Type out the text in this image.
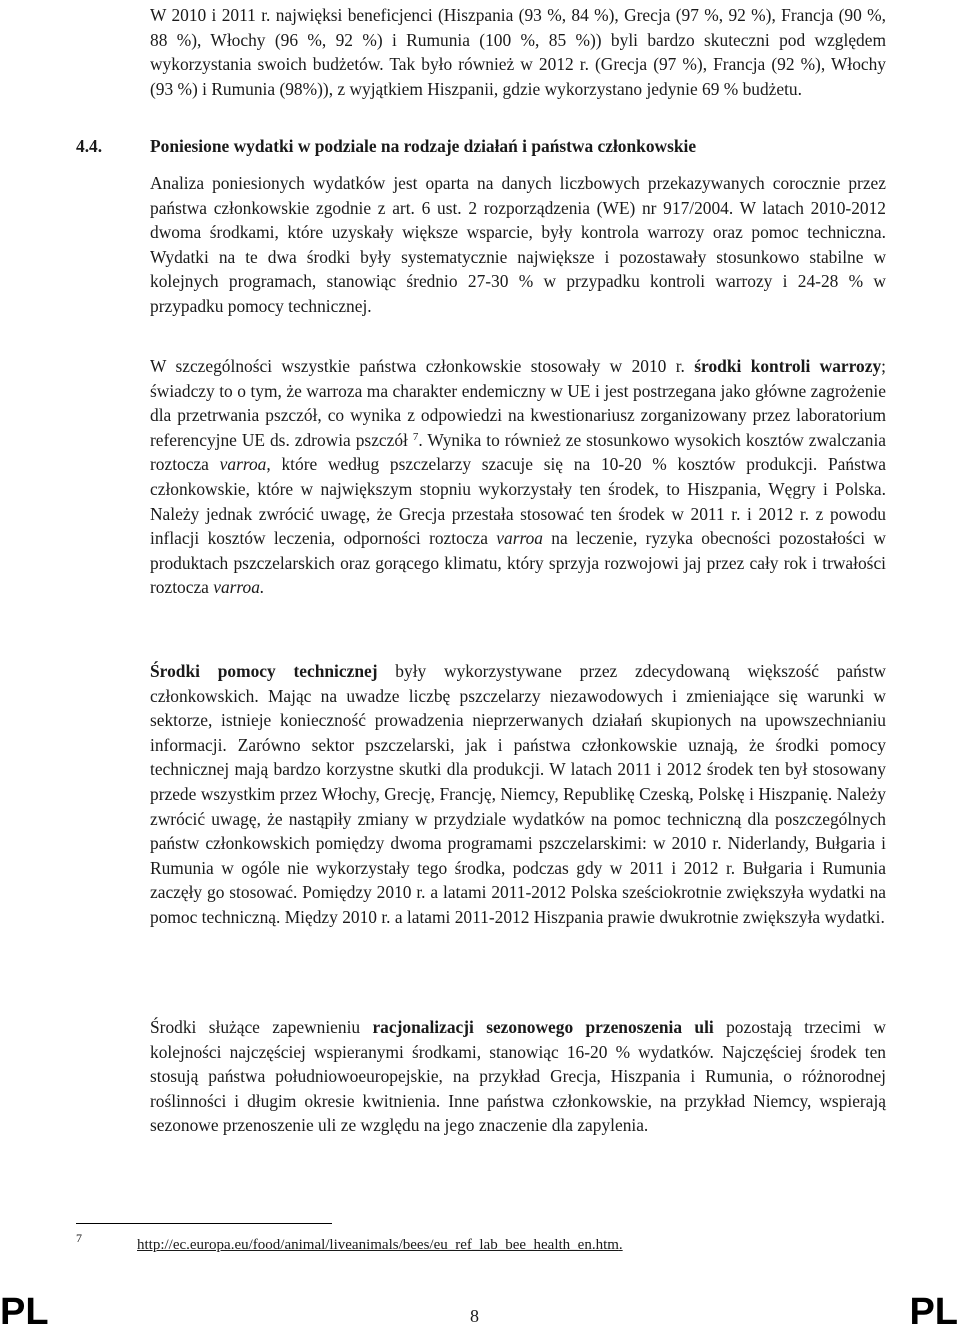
W 2010 i 2011 r. najwięksi beneficjenci (Hiszpania (93 %, 84 %), Grecja (97 %, 92 %), Francja (90 %, 88 %), Włochy (96 %, 92 %) i Rumunia (100 %, 85 %)) byli bardzo skuteczni pod względem wykorzystania swoich budżetów. Tak było również w 2012 r. (Grecja (97 %), Francja (92 %), Włochy (93 %) i Rumunia (98%)), z wyjątkiem Hiszpanii, gdzie wykorzystano jedynie 69 % budżetu.

Analiza poniesionych wydatków jest oparta na danych liczbowych przekazywanych corocznie przez państwa członkowskie zgodnie z art. 6 ust. 2 rozporządzenia (WE) nr 917/2004. W latach 2010-2012 dwoma środkami, które uzyskały większe wsparcie, były kontrola warrozy oraz pomoc techniczna. Wydatki na te dwa środki były systematycznie największe i pozostawały stosunkowo stabilne w kolejnych programach, stanowiąc średnio 27-30 % w przypadku kontroli warrozy i 24-28 % w przypadku pomocy technicznej.

W szczególności wszystkie państwa członkowskie stosowały w 2010 r. środki kontroli warrozy; świadczy to o tym, że warroza ma charakter endemiczny w UE i jest postrzegana jako główne zagrożenie dla przetrwania pszczół, co wynika z odpowiedzi na kwestionariusz zorganizowany przez laboratorium referencyjne UE ds. zdrowia pszczół $^7$. Wynika to również ze stosunkowo wysokich kosztów zwalczania roztocza varroa, które według pszczelarzy szacuje się na 10-20 % kosztów produkcji. Państwa członkowskie, które w największym stopniu wykorzystały ten środek, to Hiszpania, Węgry i Polska. Należy jednak zwrócić uwagę, że Grecja przestała stosować ten środek w 2011 r. i 2012 r. z powodu inflacji kosztów leczenia, odporności roztocza varroa na leczenie, ryzyka obecności pozostałości w produktach pszczelarskich oraz gorącego klimatu, który sprzyja rozwojowi jaj przez cały rok i trwałości roztocza varroa.

Środki pomocy technicznej były wykorzystywane przez zdecydowaną większość państw członkowskich. Mając na uwadze liczbę pszczelarzy niezawodowych i zmieniające się warunki w sektorze, istnieje konieczność prowadzenia nieprzerwanych działań skupionych na upowszechnianiu informacji. Zarówno sektor pszczelarski, jak i państwa członkowskie uznają, że środki pomocy technicznej mają bardzo korzystne skutki dla produkcji. W latach 2011 i 2012 środek ten był stosowany przede wszystkim przez Włochy, Grecję, Francję, Niemcy, Republikę Czeską, Polskę i Hiszpanię. Należy zwrócić uwagę, że nastąpiły zmiany w przydziale wydatków na pomoc techniczną dla poszczególnych państw członkowskich pomiędzy dwoma programami pszczelarskimi: w 2010 r. Niderlandy, Bułgaria i Rumunia w ogóle nie wykorzystały tego środka, podczas gdy w 2011 i 2012 r. Bułgaria i Rumunia zaczęły go stosować. Pomiędzy 2010 r. a latami 2011-2012 Polska sześciokrotnie zwiększyła wydatki na pomoc techniczną. Między 2010 r. a latami 2011-2012 Hiszpania prawie dwukrotnie zwiększyła wydatki.

Środki służące zapewnieniu racjonalizacji sezonowego przenoszenia uli pozostają trzecimi w kolejności najczęściej wspieranymi środkami, stanowiąc 16-20 % wydatków. Najczęściej środek ten stosują państwa południowoeuropejskie, na przykład Grecja, Hiszpania i Rumunia, o różnorodnej roślinności i długim okresie kwitnienia. Inne państwa członkowskie, na przykład Niemcy, wspierają sezonowe przenoszenie uli ze względu na jego znaczenie dla zapylenia.

4.4.	Poniesione wydatki w podziale na rodzaje działań i państwa członkowskie
7	http://ec.europa.eu/food/animal/liveanimals/bees/eu_ref_lab_bee_health_en.htm.
PL	8	PL
